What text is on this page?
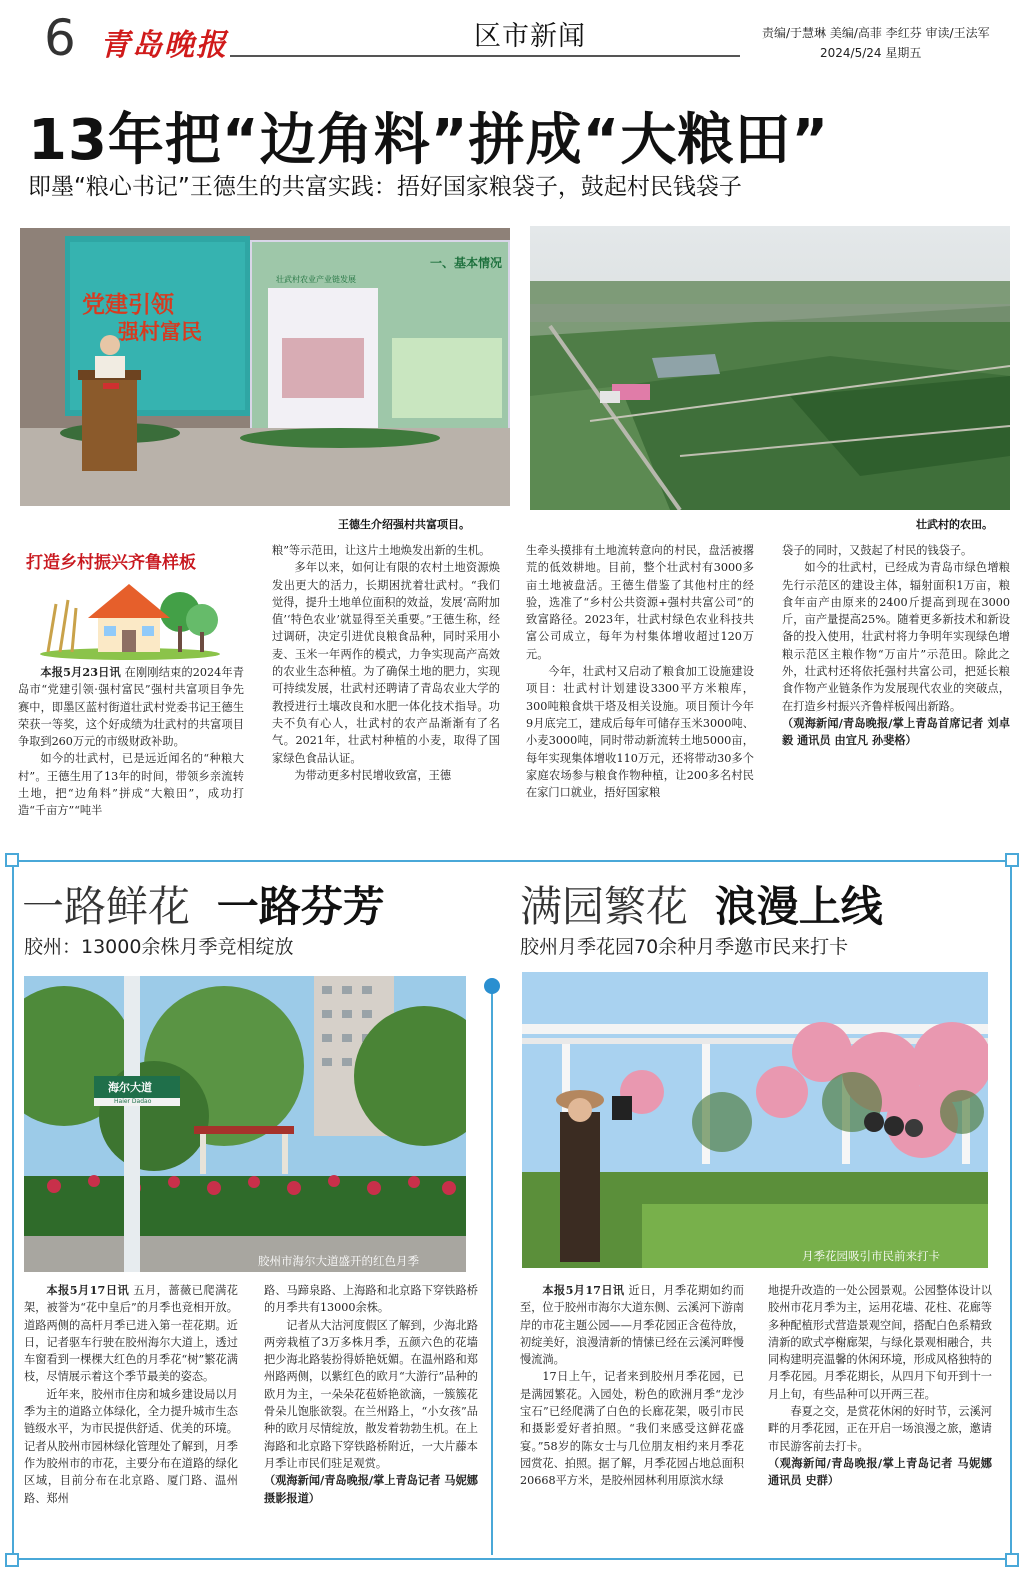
6 青岛晚报	区市新闻	责编/于慧琳 美编/高菲 李红芬 审读/王法军
2024/5/24 星期五
13年把“边角料”拼成“大粮田”
即墨“粮心书记”王德生的共富实践：捂好国家粮袋子，鼓起村民钱袋子
党建引领
强村富民
一、基本情况
壮武村农业产业链发展
王德生介绍强村共富项目。	壮武村的农田。
打造乡村振兴齐鲁样板

本报5月23日讯 在刚刚结束的2024年青岛市“党建引领·强村富民”强村共富项目争先赛中，即墨区蓝村街道壮武村党委书记王德生荣获一等奖，这个好成绩为壮武村的共富项目争取到260万元的市级财政补助。

如今的壮武村，已是远近闻名的“种粮大村”。王德生用了13年的时间，带领乡亲流转土地，把“边角料”拼成“大粮田”，成功打造“千亩方”“吨半

粮”等示范田，让这片土地焕发出新的生机。

多年以来，如何让有限的农村土地资源焕发出更大的活力，长期困扰着壮武村。“我们觉得，提升土地单位面积的效益，发展‘高附加值’‘特色农业’就显得至关重要。”王德生称，经过调研，决定引进优良粮食品种，同时采用小麦、玉米一年两作的模式，力争实现高产高效的农业生态种植。为了确保土地的肥力，实现可持续发展，壮武村还聘请了青岛农业大学的教授进行土壤改良和水肥一体化技术指导。功夫不负有心人，壮武村的农产品渐渐有了名气。2021年，壮武村种植的小麦，取得了国家绿色食品认证。

为带动更多村民增收致富，王德

生牵头摸排有土地流转意向的村民，盘活被撂荒的低效耕地。目前，整个壮武村有3000多亩土地被盘活。王德生借鉴了其他村庄的经验，选准了“乡村公共资源+强村共富公司”的致富路径。2023年，壮武村绿色农业科技共富公司成立，每年为村集体增收超过120万元。

今年，壮武村又启动了粮食加工设施建设项目：壮武村计划建设3300平方米粮库，300吨粮食烘干塔及相关设施。项目预计今年9月底完工，建成后每年可储存玉米3000吨、小麦3000吨，同时带动新流转土地5000亩，每年实现集体增收110万元，还将带动30多个家庭农场参与粮食作物种植，让200多名村民在家门口就业，捂好国家粮

袋子的同时，又鼓起了村民的钱袋子。

如今的壮武村，已经成为青岛市绿色增粮先行示范区的建设主体，辐射面积1万亩，粮食年亩产由原来的2400斤提高到现在3000斤，亩产量提高25%。随着更多新技术和新设备的投入使用，壮武村将力争明年实现绿色增粮示范区主粮作物“万亩片”示范田。除此之外，壮武村还将依托强村共富公司，把延长粮食作物产业链条作为发展现代农业的突破点，在打造乡村振兴齐鲁样板闯出新路。

（观海新闻/青岛晚报/掌上青岛首席记者 刘卓毅 通讯员 由宜凡 孙斐格）

一路鲜花 一路芬芳
胶州：13000余株月季竞相绽放
海尔大道
Haier Dadao
胶州市海尔大道盛开的红色月季

本报5月17日讯 五月，蔷薇已爬满花架，被誉为“花中皇后”的月季也竞相开放。道路两侧的高杆月季已进入第一茬花期。近日，记者驱车行驶在胶州海尔大道上，透过车窗看到一棵棵大红色的月季花“树”繁花满枝，尽情展示着这个季节最美的姿态。

近年来，胶州市住房和城乡建设局以月季为主的道路立体绿化，全力提升城市生态链级水平，为市民提供舒适、优美的环境。记者从胶州市园林绿化管理处了解到，月季作为胶州市的市花，主要分布在道路的绿化区域，目前分布在北京路、厦门路、温州路、郑州

路、马蹄泉路、上海路和北京路下穿铁路桥的月季共有13000余株。

记者从大沽河度假区了解到，少海北路两旁栽植了3万多株月季，五颜六色的花墙把少海北路装扮得娇艳妩媚。在温州路和郑州路两侧，以紫红色的欧月“大游行”品种的欧月为主，一朵朵花苞娇艳欲滴，一簇簇花骨朵儿饱胀欲裂。在兰州路上，“小女孩”品种的欧月尽情绽放，散发着勃勃生机。在上海路和北京路下穿铁路桥附近，一大片藤本月季让市民们驻足观赏。

（观海新闻/青岛晚报/掌上青岛记者 马妮娜 摄影报道）

满园繁花 浪漫上线
胶州月季花园70余种月季邀市民来打卡
月季花园吸引市民前来打卡

本报5月17日讯 近日，月季花期如约而至，位于胶州市海尔大道东侧、云溪河下游南岸的市花主题公园——月季花园正含苞待放，初绽美好，浪漫清新的情愫已经在云溪河畔慢慢流淌。

17日上午，记者来到胶州月季花园，已是满园繁花。入园处，粉色的欧洲月季“龙沙宝石”已经爬满了白色的长廊花架，吸引市民和摄影爱好者拍照。“我们来感受这鲜花盛宴。”58岁的陈女士与几位朋友相约来月季花园赏花、拍照。据了解，月季花园占地总面积20668平方米，是胶州园林利用原滨水绿

地提升改造的一处公园景观。公园整体设计以胶州市花月季为主，运用花墙、花柱、花廊等多种配植形式营造景观空间，搭配白色系精致清新的欧式亭榭廊架，与绿化景观相融合，共同构建明亮温馨的休闲环境，形成风格独特的月季花园。月季花期长，从四月下旬开到十一月上旬，有些品种可以开两三茬。

春夏之交，是赏花休闲的好时节，云溪河畔的月季花园，正在开启一场浪漫之旅，邀请市民游客前去打卡。

（观海新闻/青岛晚报/掌上青岛记者 马妮娜 通讯员 史群）
